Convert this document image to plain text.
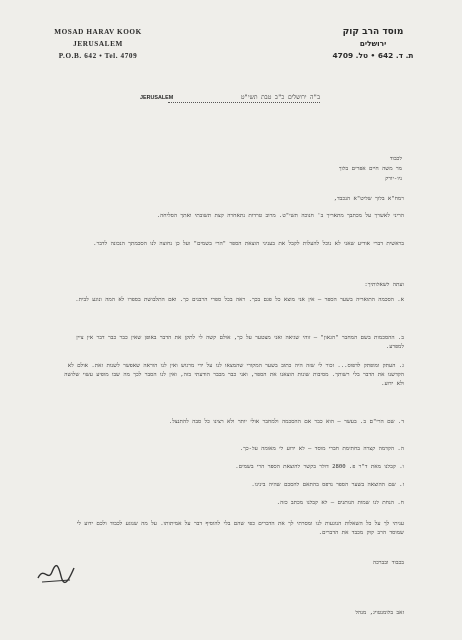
MOSAD HARAV KOOK
JERUSALEM
P.O.B. 642 • Tel. 4709
מוסד הרב קוק
ירושלים
ת. ד. 642 • טל. 4709
JERUSALEM	ב"ה ירושלים כ"ב טבת תשי"ט
לכבוד
מר משה חיים אפרים בלוך
ניו-יורק
רמח"א בלוך שליט"א הנכבד,
הריני לאשרך על מכתבך מתאריך ב' חנוכה תשי"ט. מרוב טרדות נתאחרה קצת תשובתי ואתך הסליחה.
בראשית דברי אודיע שאני לא נוכל להעלות לקבל את בעניני הוצאת הספר "הרי בשמים" ועל כן נחוצה לנו הסכמתך הנכונה לדבר.
ועתה לשאלותיך:
א. הסכמה התואריה בשער הספר – אין אני מוצא כל פגם בכך. ראה בכל ספרי הרבנים כך. ואם התלבושת בספרו לא המה ונוגע לבית.
ב. ההסכמות בשם המחבר "הגאון" – זוהי שגיאה ואני מצטער על כך, אולם קשה לי לתקן את הדבר באופן שאין כבר כבר דבר אין ציין למפרע.
ג. העתק ומופתק לדפוס... זכור לי שזה היה כתוב בשער המקורי שהמצאו לנו על ידי מרגוש ואין לנו הוראה שאפשר לשנות זאת. אולם לא הקדשנו את הדבר בלי רשותך. מסיבות שונות הוצאנו את הספר, ואני כבר מכבר הודעתי בזה, ואין לנו הסבר לכך מה שבו מופיע עשוי שלושה ולא ידוע.
ד. שם הרי"ם ב. בעשר – הוא כבר אם ההסכמה ולמחבר אולי יותר ולא רצינו כל סבה להתנצל.
ה. הקדמה קצרה בחתימת חברי מוסד – לא ידוע לי מאומה על-כך.
ו. קבלנו מאת ד"ר פ. 2800 דולר בקשר להוצאת הספר הרי בשמים.
ז. שם ההוצאה בשער הספר נדפס בהתאם להסכם שהיה בינינו.
ח. הנחת לנו שמות הנותנים – לא קבלנו מכתב כזה.
עניתי לך על כל השאלות הנוגעות לנו ומסרתי לך את הדברים כפי שהם בלי להוסיף דבר על אמיתותו. על מה שנוגע לכבוד ולכם ידוע לי שמוסד הרב קוק מכבד את הדברים.
בכבוד ובברכה
זאב בלומנטויג, מנהל
